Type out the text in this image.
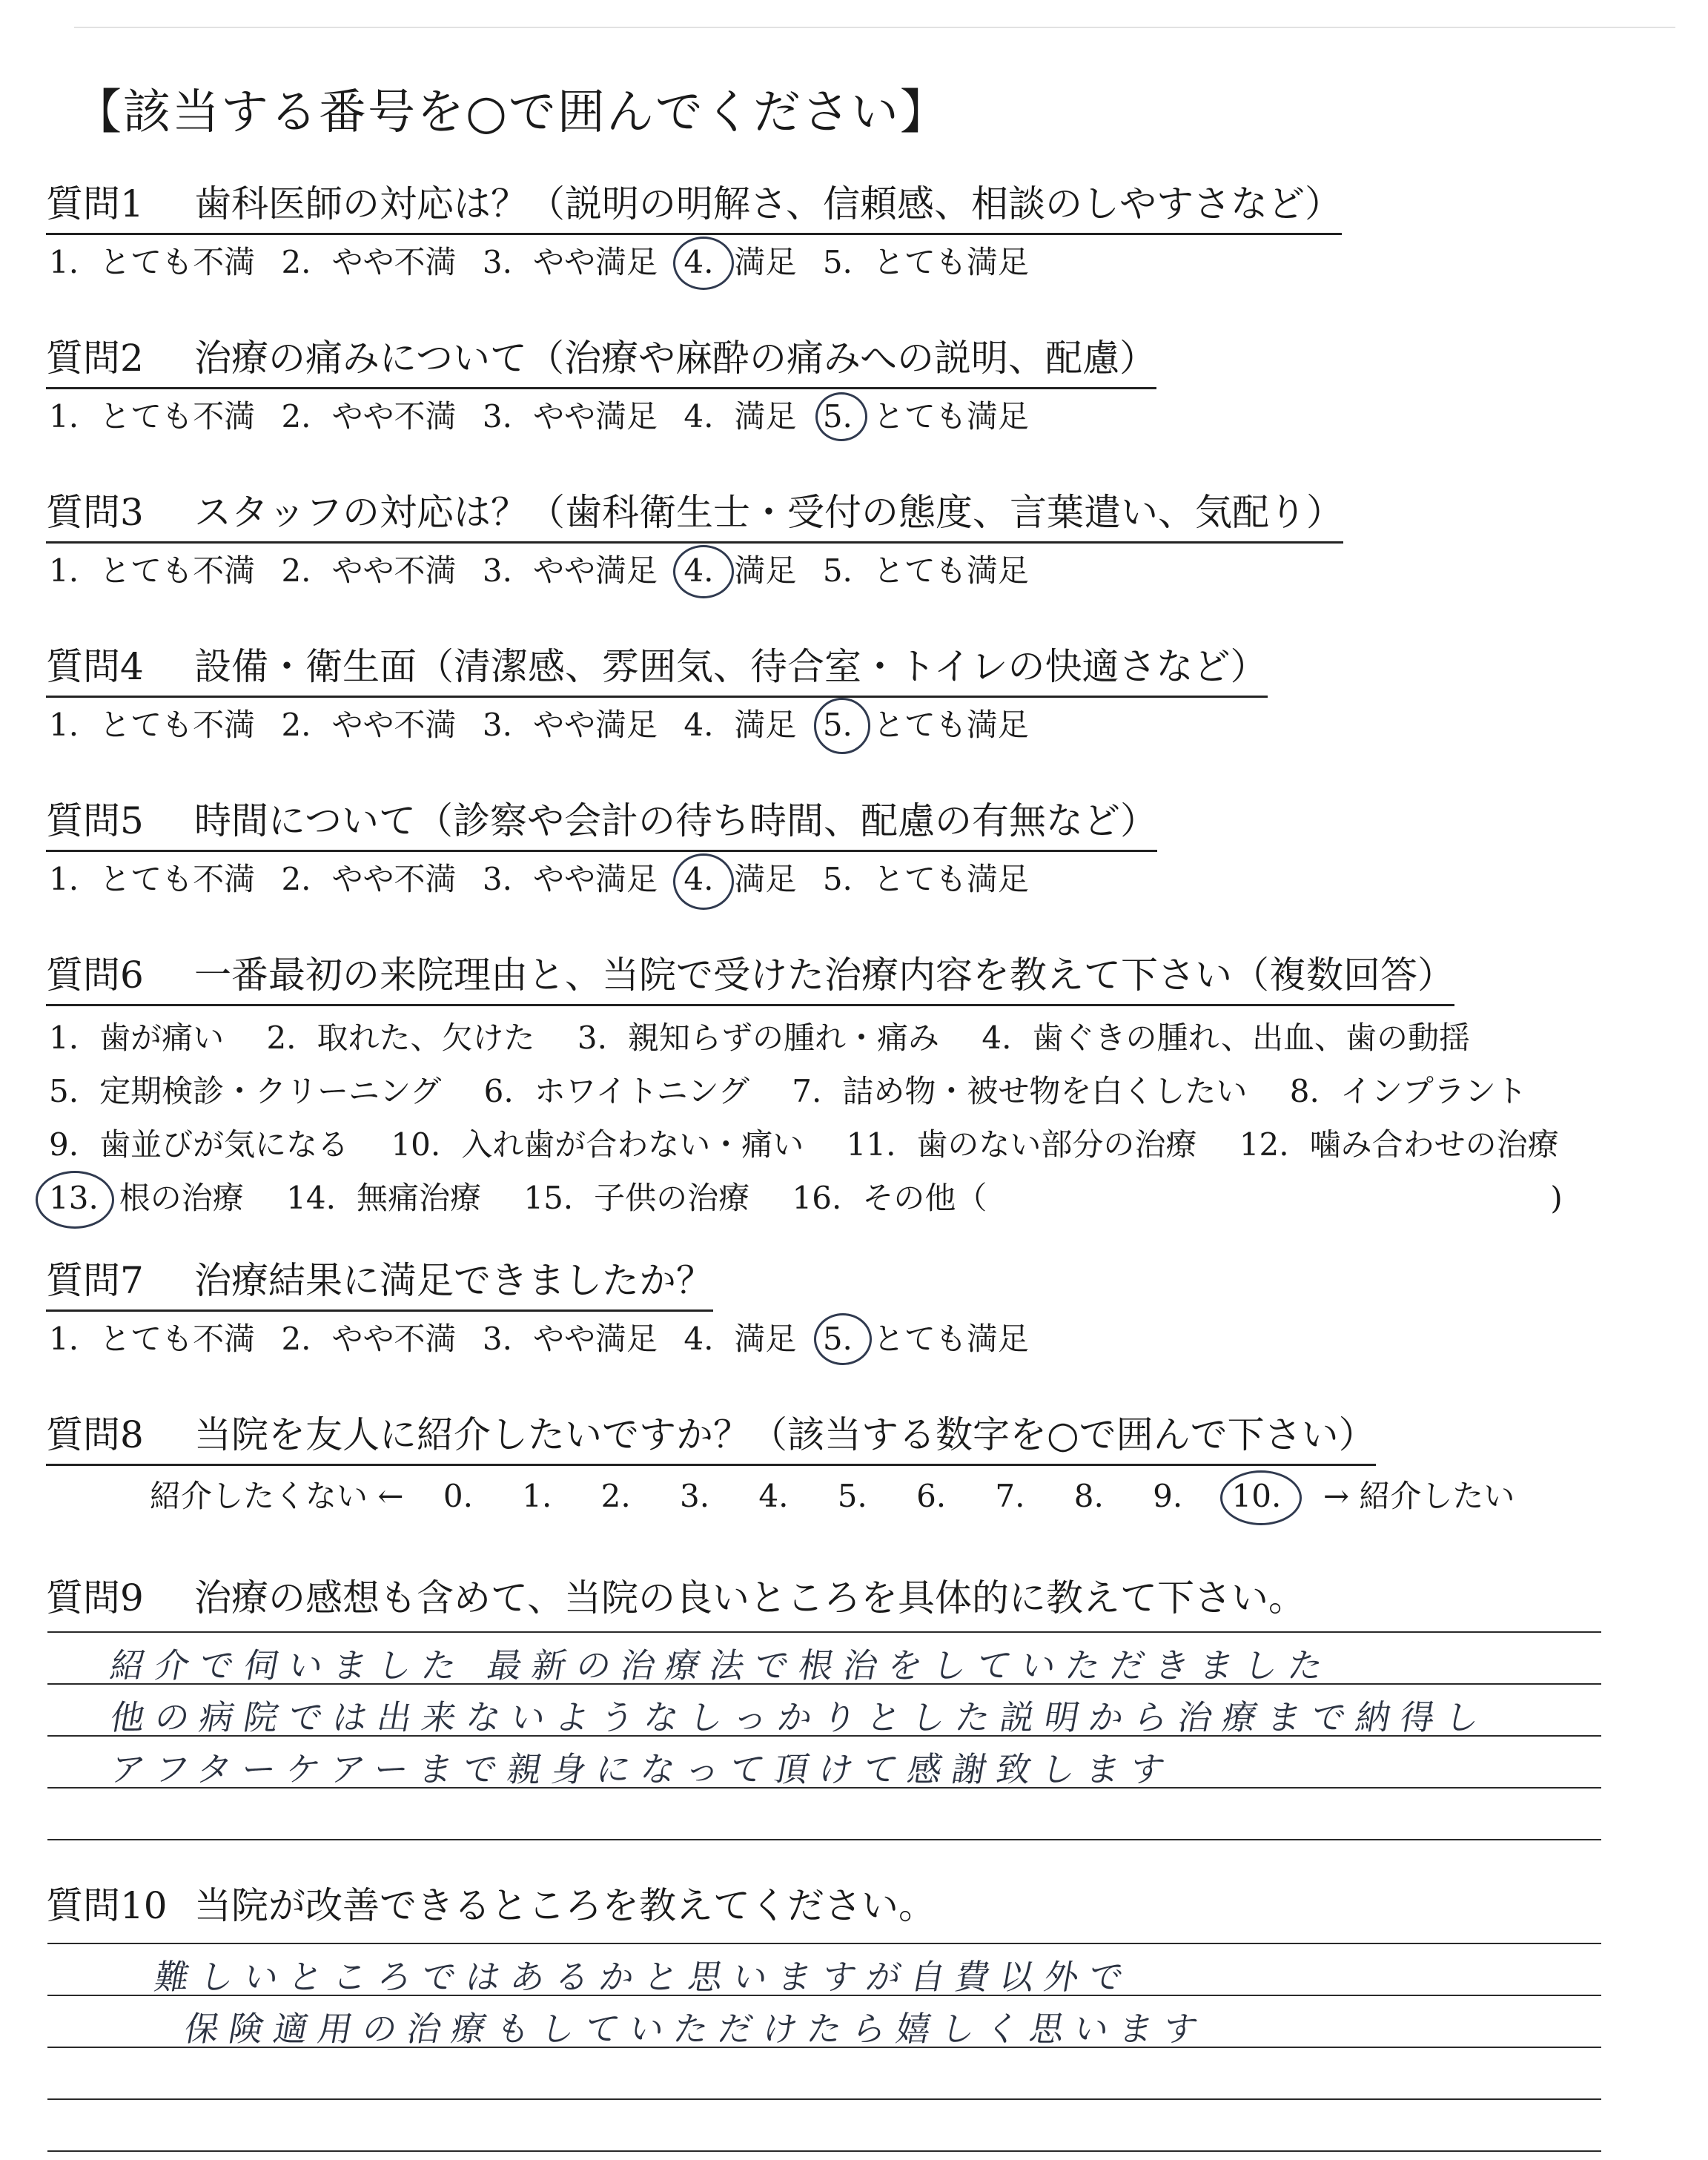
【該当する番号を○で囲んでください】
質問1 歯科医師の対応は？（説明の明解さ、信頼感、相談のしやすさなど）
1. とても不満 2. やや不満 3. やや満足 4. 満足 5. とても満足
質問2 治療の痛みについて（治療や麻酔の痛みへの説明、配慮）
1. とても不満 2. やや不満 3. やや満足 4. 満足 5. とても満足
質問3 スタッフの対応は？（歯科衛生士・受付の態度、言葉遣い、気配り）
1. とても不満 2. やや不満 3. やや満足 4. 満足 5. とても満足
質問4 設備・衛生面（清潔感、雰囲気、待合室・トイレの快適さなど）
1. とても不満 2. やや不満 3. やや満足 4. 満足 5. とても満足
質問5 時間について（診察や会計の待ち時間、配慮の有無など）
1. とても不満 2. やや不満 3. やや満足 4. 満足 5. とても満足
質問6 一番最初の来院理由と、当院で受けた治療内容を教えて下さい（複数回答）
1. 歯が痛い 2. 取れた、欠けた 3. 親知らずの腫れ・痛み 4. 歯ぐきの腫れ、出血、歯の動揺
5. 定期検診・クリーニング 6. ホワイトニング 7. 詰め物・被せ物を白くしたい 8. インプラント
9. 歯並びが気になる 10. 入れ歯が合わない・痛い 11. 歯のない部分の治療 12. 噛み合わせの治療
13. 根の治療 14. 無痛治療 15. 子供の治療 16. その他（	)
質問7 治療結果に満足できましたか？
1. とても不満 2. やや不満 3. やや満足 4. 満足 5. とても満足
質問8 当院を友人に紹介したいですか？（該当する数字を○で囲んで下さい）
紹介したくない ← 0. 1. 2. 3. 4. 5. 6. 7. 8. 9. 10. → 紹介したい
質問9 治療の感想も含めて、当院の良いところを具体的に教えて下さい。
紹介で伺いました 最新の治療法で根治をしていただきました
他の病院では出来ないようなしっかりとした説明から治療まで納得し
アフターケアーまで親身になって頂けて感謝致します
質問10 当院が改善できるところを教えてください。
難しいところではあるかと思いますが自費以外で
保険適用の治療もしていただけたら嬉しく思います
